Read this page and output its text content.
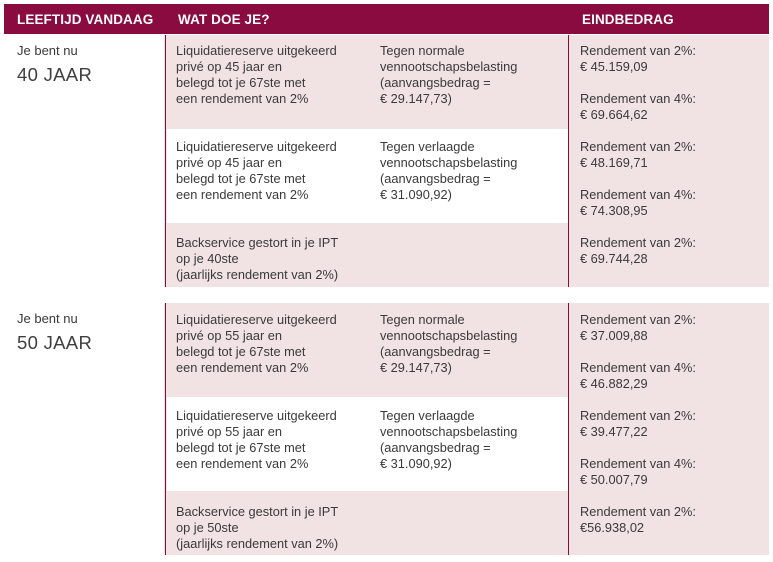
LEEFTIJD VANDAAG WAT DOE JE?	EINDBEDRAG
Je bent nu
40 JAAR
Liquidatiereserve uitgekeerd
privé op 45 jaar en
belegd tot je 67ste met
een rendement van 2%
Tegen normale
vennootschapsbelasting
(aanvangsbedrag =
€ 29.147,73)
Rendement van 2%:
€ 45.159,09
Rendement van 4%:
€ 69.664,62
Liquidatiereserve uitgekeerd
privé op 45 jaar en
belegd tot je 67ste met
een rendement van 2%
Tegen verlaagde
vennootschapsbelasting
(aanvangsbedrag =
€ 31.090,92)
Rendement van 2%:
€ 48.169,71
Rendement van 4%:
€ 74.308,95
Backservice gestort in je IPT
op je 40ste
(jaarlijks rendement van 2%)
Rendement van 2%:
€ 69.744,28
Je bent nu
50 JAAR
Liquidatiereserve uitgekeerd
privé op 55 jaar en
belegd tot je 67ste met
een rendement van 2%
Tegen normale
vennootschapsbelasting
(aanvangsbedrag =
€ 29.147,73)
Rendement van 2%:
€ 37.009,88
Rendement van 4%:
€ 46.882,29
Liquidatiereserve uitgekeerd
privé op 55 jaar en
belegd tot je 67ste met
een rendement van 2%
Tegen verlaagde
vennootschapsbelasting
(aanvangsbedrag =
€ 31.090,92)
Rendement van 2%:
€ 39.477,22
Rendement van 4%:
€ 50.007,79
Backservice gestort in je IPT
op je 50ste
(jaarlijks rendement van 2%)
Rendement van 2%:
€56.938,02
